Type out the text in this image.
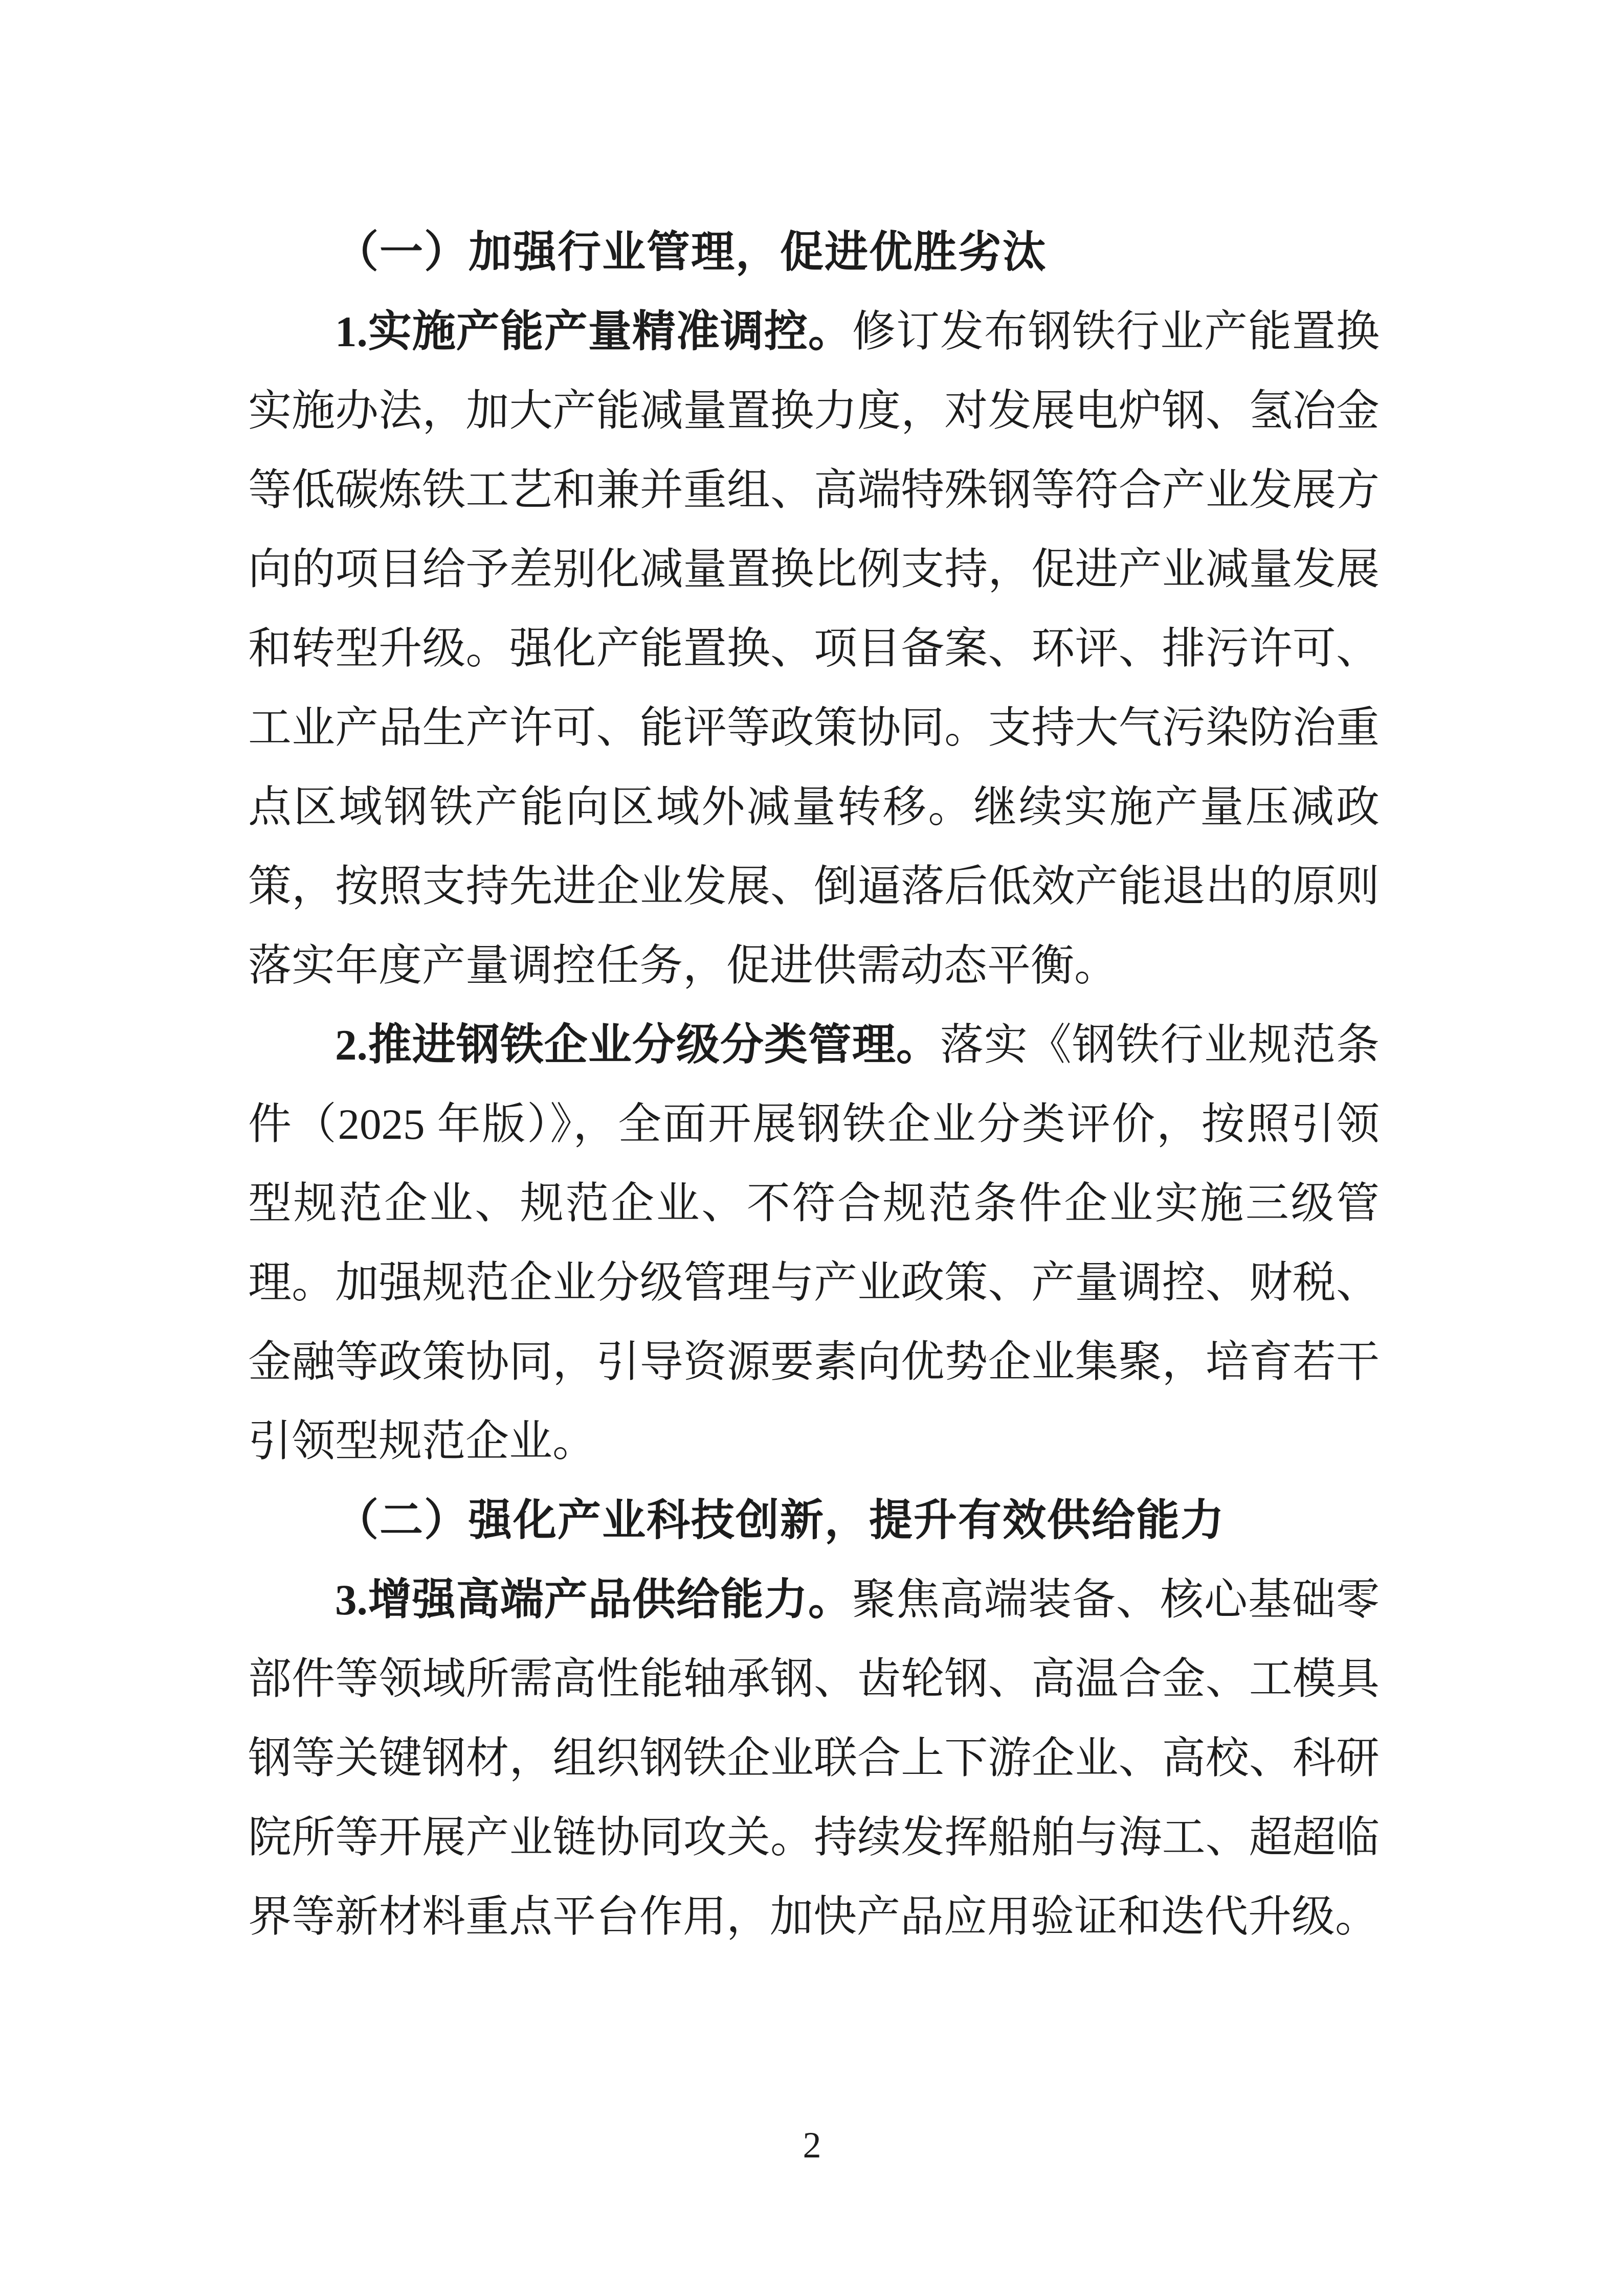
（一）加强行业管理，促进优胜劣汰

1.实施产能产量精准调控。修订发布钢铁行业产能置换实施办法，加大产能减量置换力度，对发展电炉钢、氢冶金等低碳炼铁工艺和兼并重组、高端特殊钢等符合产业发展方向的项目给予差别化减量置换比例支持，促进产业减量发展和转型升级。强化产能置换、项目备案、环评、排污许可、工业产品生产许可、能评等政策协同。支持大气污染防治重点区域钢铁产能向区域外减量转移。继续实施产量压减政策，按照支持先进企业发展、倒逼落后低效产能退出的原则落实年度产量调控任务，促进供需动态平衡。

2.推进钢铁企业分级分类管理。落实《钢铁行业规范条件（2025 年版）》，全面开展钢铁企业分类评价，按照引领型规范企业、规范企业、不符合规范条件企业实施三级管理。加强规范企业分级管理与产业政策、产量调控、财税、金融等政策协同，引导资源要素向优势企业集聚，培育若干引领型规范企业。

（二）强化产业科技创新，提升有效供给能力

3.增强高端产品供给能力。聚焦高端装备、核心基础零部件等领域所需高性能轴承钢、齿轮钢、高温合金、工模具钢等关键钢材，组织钢铁企业联合上下游企业、高校、科研院所等开展产业链协同攻关。持续发挥船舶与海工、超超临界等新材料重点平台作用，加快产品应用验证和迭代升级。

2
